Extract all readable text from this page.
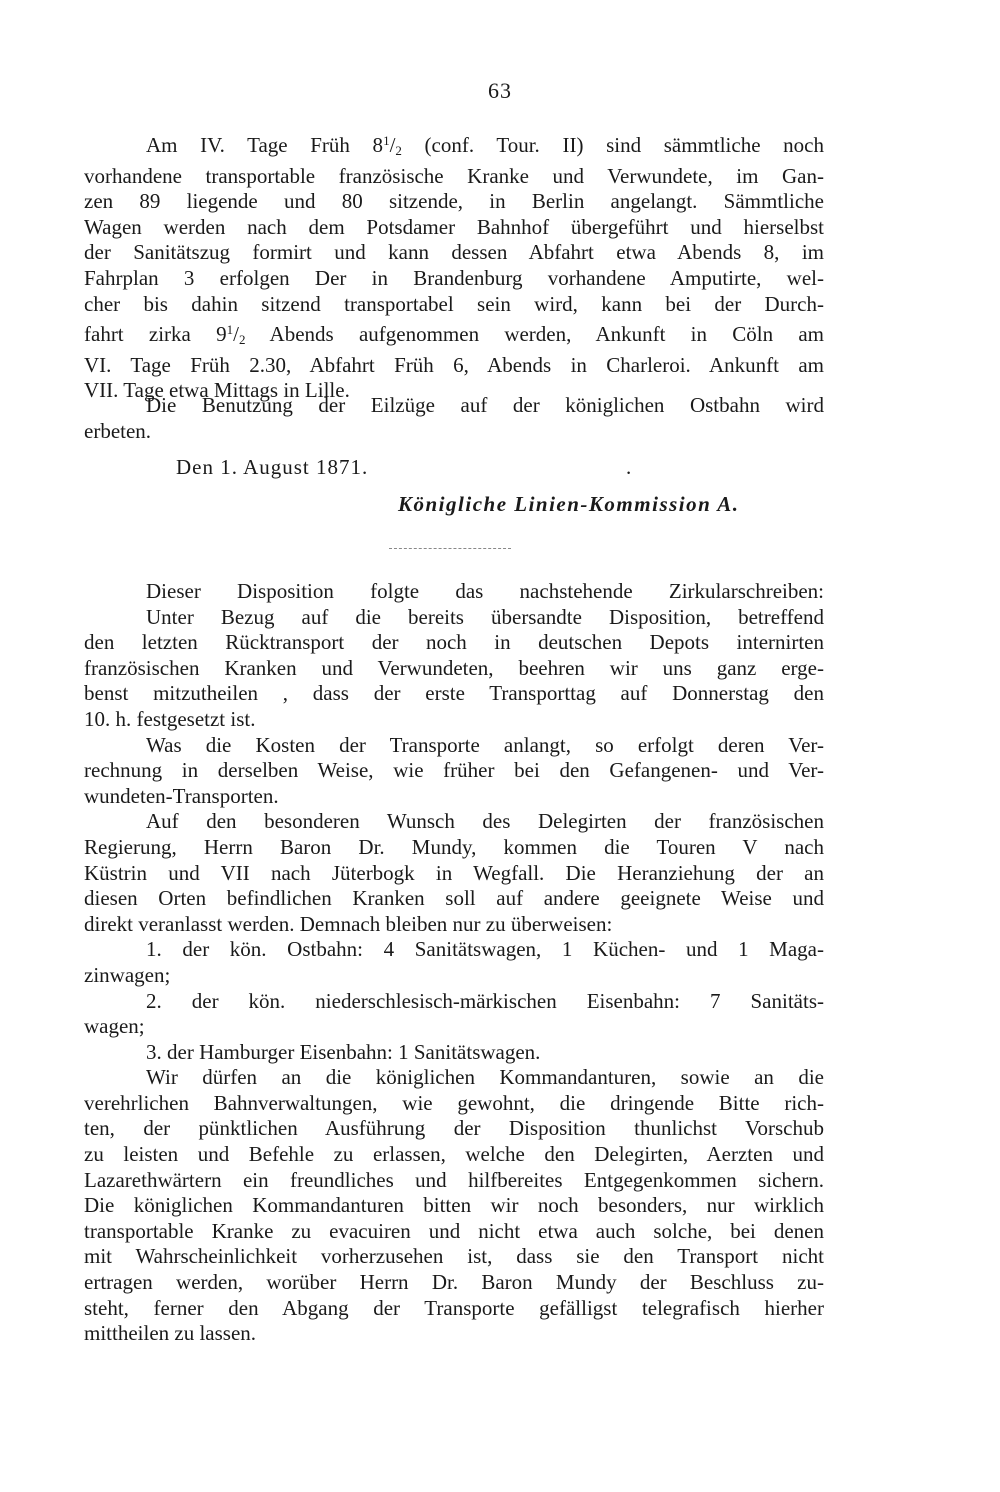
63
Am IV. Tage Früh $8^1/_2$ (conf. Tour. II) sind sämmtliche noch
vorhandene transportable französische Kranke und Verwundete, im Gan-
zen 89 liegende und 80 sitzende, in Berlin angelangt. Sämmtliche
Wagen werden nach dem Potsdamer Bahnhof übergeführt und hierselbst
der Sanitätszug formirt und kann dessen Abfahrt etwa Abends 8, im
Fahrplan 3 erfolgen Der in Brandenburg vorhandene Amputirte, wel-
cher bis dahin sitzend transportabel sein wird, kann bei der Durch-
fahrt zirka $9^1/_2$ Abends aufgenommen werden, Ankunft in Cöln am
VI. Tage Früh 2.30, Abfahrt Früh 6, Abends in Charleroi. Ankunft am
VII. Tage etwa Mittags in Lille.
Die Benutzung der Eilzüge auf der königlichen Ostbahn wird
erbeten.
Den 1. August 1871.	.
Königliche Linien-Kommission A.
Dieser Disposition folgte das nachstehende Zirkularschreiben:
Unter Bezug auf die bereits übersandte Disposition, betreffend
den letzten Rücktransport der noch in deutschen Depots internirten
französischen Kranken und Verwundeten, beehren wir uns ganz erge-
benst mitzutheilen , dass der erste Transporttag auf Donnerstag den
10. h. festgesetzt ist.
Was die Kosten der Transporte anlangt, so erfolgt deren Ver-
rechnung in derselben Weise, wie früher bei den Gefangenen- und Ver-
wundeten-Transporten.
Auf den besonderen Wunsch des Delegirten der französischen
Regierung, Herrn Baron Dr. Mundy, kommen die Touren V nach
Küstrin und VII nach Jüterbogk in Wegfall. Die Heranziehung der an
diesen Orten befindlichen Kranken soll auf andere geeignete Weise und
direkt veranlasst werden. Demnach bleiben nur zu überweisen:
1. der kön. Ostbahn: 4 Sanitätswagen, 1 Küchen- und 1 Maga-
zinwagen;
2. der kön. niederschlesisch-märkischen Eisenbahn: 7 Sanitäts-
wagen;
3. der Hamburger Eisenbahn: 1 Sanitätswagen.
Wir dürfen an die königlichen Kommandanturen, sowie an die
verehrlichen Bahnverwaltungen, wie gewohnt, die dringende Bitte rich-
ten, der pünktlichen Ausführung der Disposition thunlichst Vorschub
zu leisten und Befehle zu erlassen, welche den Delegirten, Aerzten und
Lazarethwärtern ein freundliches und hilfbereites Entgegenkommen sichern.
Die königlichen Kommandanturen bitten wir noch besonders, nur wirklich
transportable Kranke zu evacuiren und nicht etwa auch solche, bei denen
mit Wahrscheinlichkeit vorherzusehen ist, dass sie den Transport nicht
ertragen werden, worüber Herrn Dr. Baron Mundy der Beschluss zu-
steht, ferner den Abgang der Transporte gefälligst telegrafisch hierher
mittheilen zu lassen.
